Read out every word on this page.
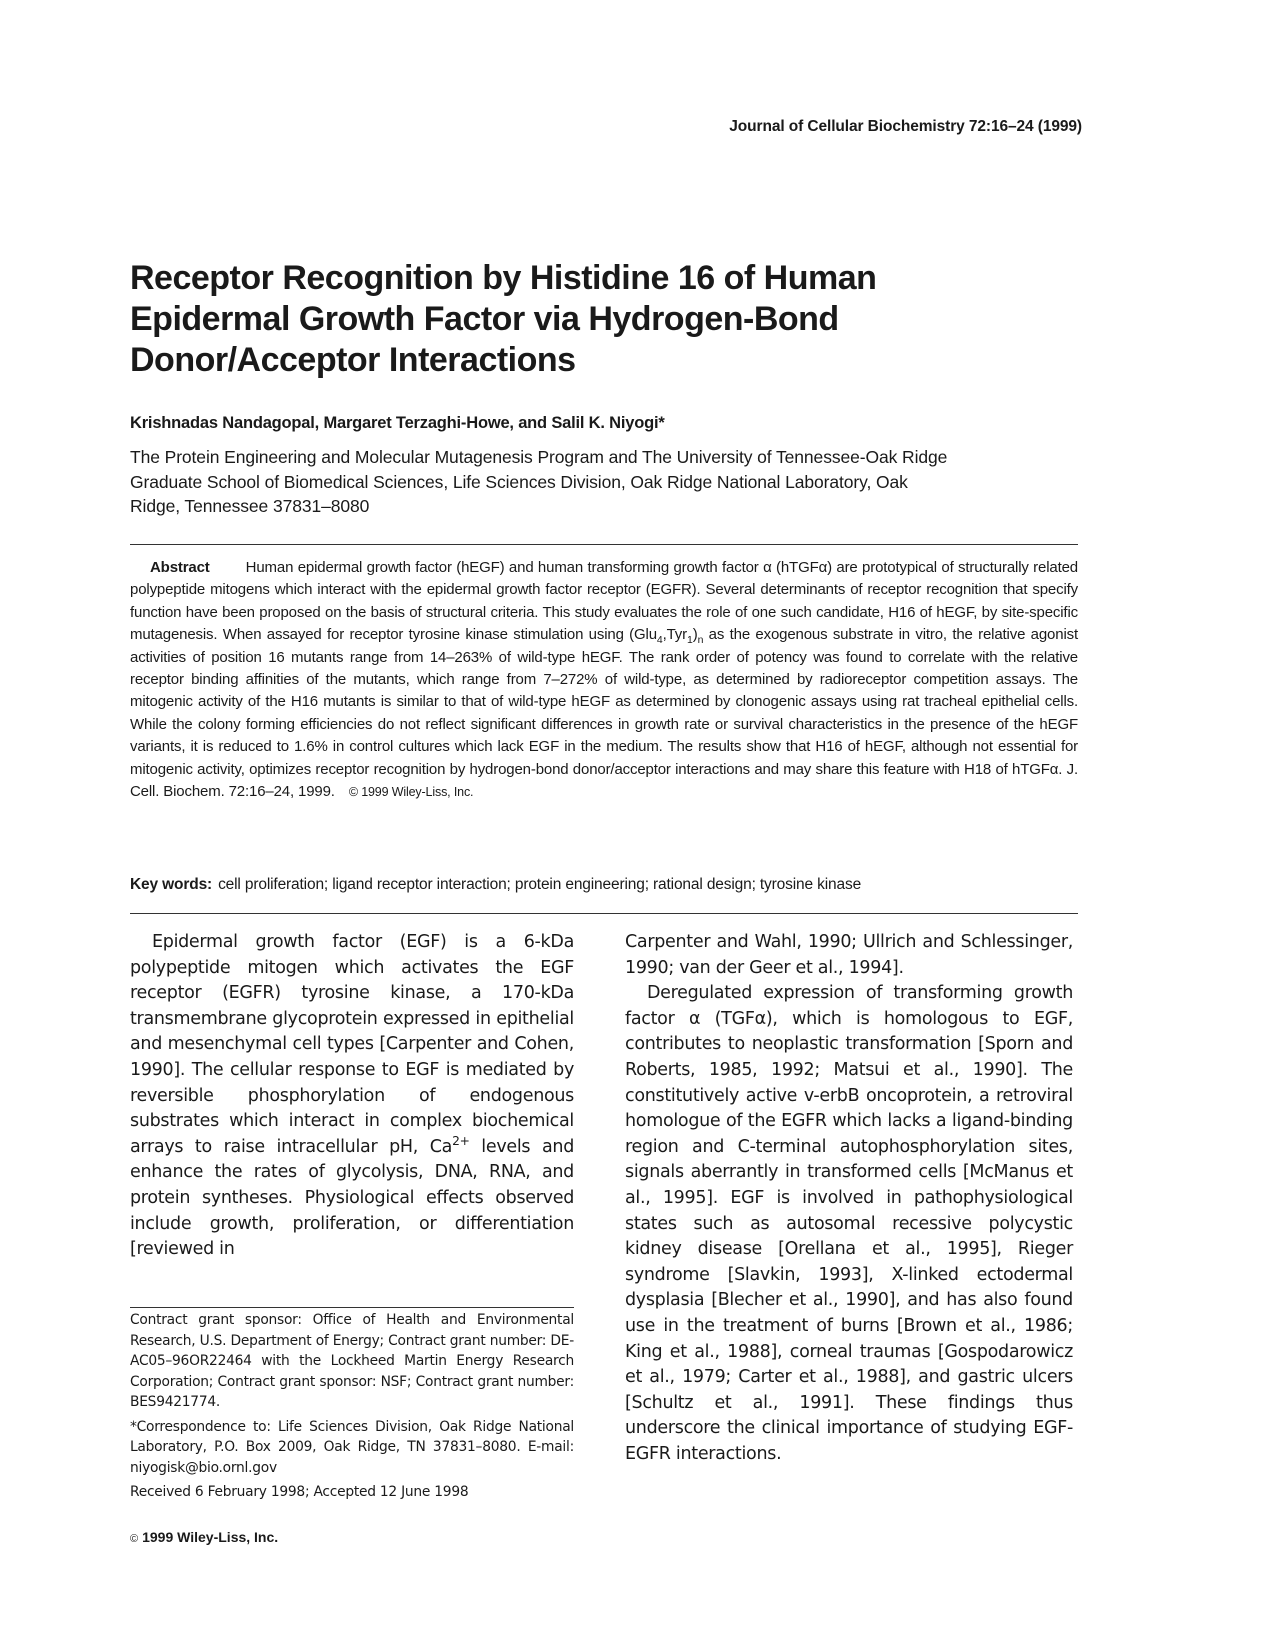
Journal of Cellular Biochemistry 72:16–24 (1999)
Receptor Recognition by Histidine 16 of Human
Epidermal Growth Factor via Hydrogen-Bond
Donor/Acceptor Interactions
Krishnadas Nandagopal, Margaret Terzaghi-Howe, and Salil K. Niyogi*
The Protein Engineering and Molecular Mutagenesis Program and The University of Tennessee-Oak Ridge
Graduate School of Biomedical Sciences, Life Sciences Division, Oak Ridge National Laboratory, Oak
Ridge, Tennessee 37831–8080
Abstract Human epidermal growth factor (hEGF) and human transforming growth factor α (hTGFα) are prototypical of structurally related polypeptide mitogens which interact with the epidermal growth factor receptor (EGFR). Several determinants of receptor recognition that specify function have been proposed on the basis of structural criteria. This study evaluates the role of one such candidate, H16 of hEGF, by site-specific mutagenesis. When assayed for receptor tyrosine kinase stimulation using $(Glu_4,Tyr_1)_n$ as the exogenous substrate in vitro, the relative agonist activities of position 16 mutants range from 14–263% of wild-type hEGF. The rank order of potency was found to correlate with the relative receptor binding affinities of the mutants, which range from 7–272% of wild-type, as determined by radioreceptor competition assays. The mitogenic activity of the H16 mutants is similar to that of wild-type hEGF as determined by clonogenic assays using rat tracheal epithelial cells. While the colony forming efficiencies do not reflect significant differences in growth rate or survival characteristics in the presence of the hEGF variants, it is reduced to 1.6% in control cultures which lack EGF in the medium. The results show that H16 of hEGF, although not essential for mitogenic activity, optimizes receptor recognition by hydrogen-bond donor/acceptor interactions and may share this feature with H18 of hTGFα. J. Cell. Biochem. 72:16–24, 1999. © 1999 Wiley-Liss, Inc.
Key words: cell proliferation; ligand receptor interaction; protein engineering; rational design; tyrosine kinase

Epidermal growth factor (EGF) is a 6-kDa polypeptide mitogen which activates the EGF receptor (EGFR) tyrosine kinase, a 170-kDa transmembrane glycoprotein expressed in epithelial and mesenchymal cell types [Carpenter and Cohen, 1990]. The cellular response to EGF is mediated by reversible phosphorylation of endogenous substrates which interact in complex biochemical arrays to raise intracellular pH, $Ca^{2+}$ levels and enhance the rates of glycolysis, DNA, RNA, and protein syntheses. Physiological effects observed include growth, proliferation, or differentiation [reviewed in

Contract grant sponsor: Office of Health and Environmental Research, U.S. Department of Energy; Contract grant number: DE-AC05–96OR22464 with the Lockheed Martin Energy Research Corporation; Contract grant sponsor: NSF; Contract grant number: BES9421774.

*Correspondence to: Life Sciences Division, Oak Ridge National Laboratory, P.O. Box 2009, Oak Ridge, TN 37831–8080. E-mail: niyogisk@bio.ornl.gov

Received 6 February 1998; Accepted 12 June 1998

Carpenter and Wahl, 1990; Ullrich and Schlessinger, 1990; van der Geer et al., 1994].

Deregulated expression of transforming growth factor α (TGFα), which is homologous to EGF, contributes to neoplastic transformation [Sporn and Roberts, 1985, 1992; Matsui et al., 1990]. The constitutively active v-erbB oncoprotein, a retroviral homologue of the EGFR which lacks a ligand-binding region and C-terminal autophosphorylation sites, signals aberrantly in transformed cells [McManus et al., 1995]. EGF is involved in pathophysiological states such as autosomal recessive polycystic kidney disease [Orellana et al., 1995], Rieger syndrome [Slavkin, 1993], X-linked ectodermal dysplasia [Blecher et al., 1990], and has also found use in the treatment of burns [Brown et al., 1986; King et al., 1988], corneal traumas [Gospodarowicz et al., 1979; Carter et al., 1988], and gastric ulcers [Schultz et al., 1991]. These findings thus underscore the clinical importance of studying EGF-EGFR interactions.

© 1999 Wiley-Liss, Inc.
